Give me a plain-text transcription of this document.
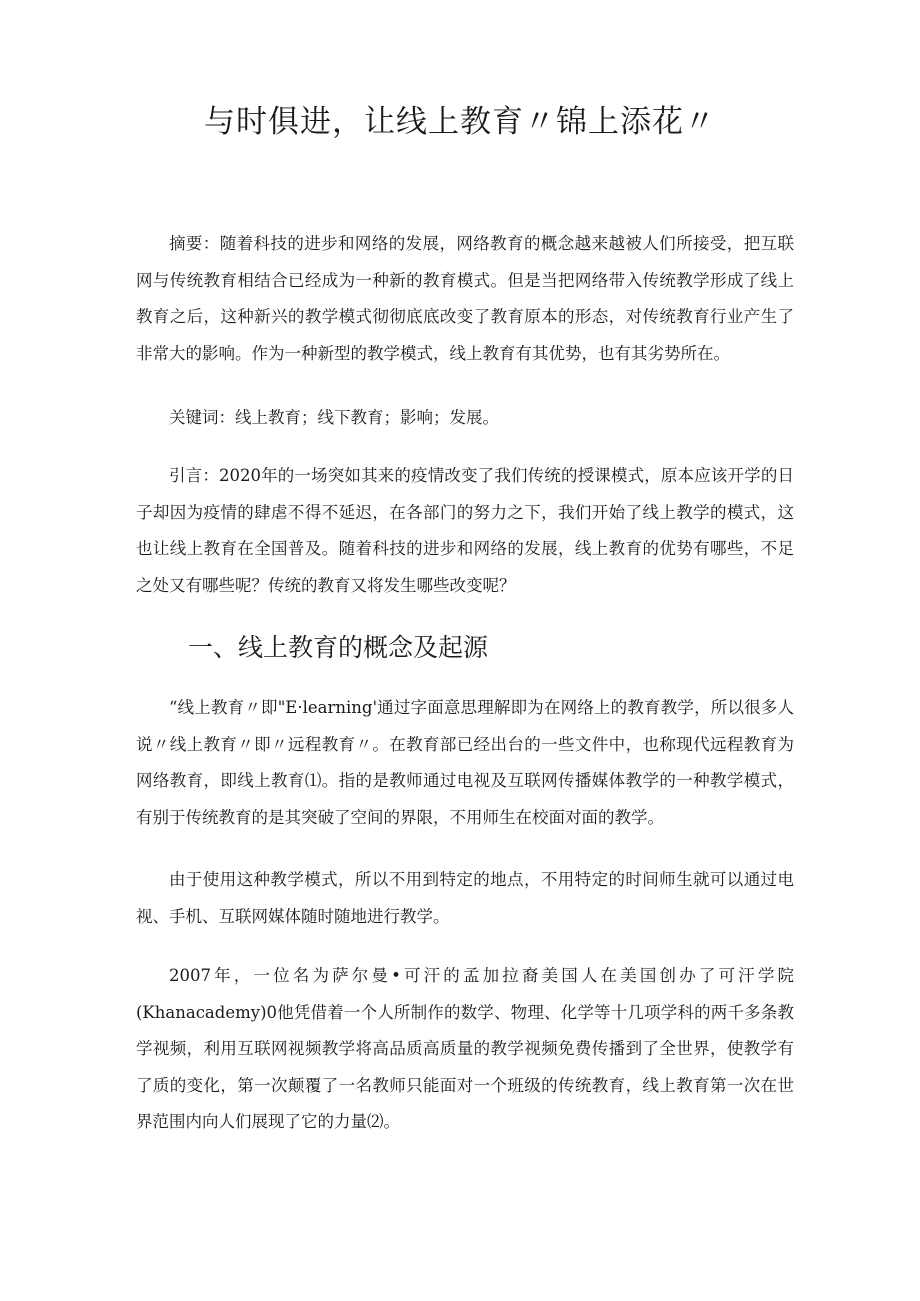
与时俱进，让线上教育〃锦上添花〃

摘要：随着科技的进步和网络的发展，网络教育的概念越来越被人们所接受，把互联网与传统教育相结合已经成为一种新的教育模式。但是当把网络带入传统教学形成了线上教育之后，这种新兴的教学模式彻彻底底改变了教育原本的形态，对传统教育行业产生了非常大的影响。作为一种新型的教学模式，线上教育有其优势，也有其劣势所在。

关键词：线上教育；线下教育；影响；发展。

引言：2020年的一场突如其来的疫情改变了我们传统的授课模式，原本应该开学的日子却因为疫情的肆虐不得不延迟，在各部门的努力之下，我们开始了线上教学的模式，这也让线上教育在全国普及。随着科技的进步和网络的发展，线上教育的优势有哪些，不足之处又有哪些呢？传统的教育又将发生哪些改变呢？

一、线上教育的概念及起源

“线上教育〃即"E·learning'通过字面意思理解即为在网络上的教育教学，所以很多人说〃线上教育〃即〃远程教育〃。在教育部已经出台的一些文件中，也称现代远程教育为网络教育，即线上教育⑴。指的是教师通过电视及互联网传播媒体教学的一种教学模式，有别于传统教育的是其突破了空间的界限，不用师生在校面对面的教学。

由于使用这种教学模式，所以不用到特定的地点，不用特定的时间师生就可以通过电视、手机、互联网媒体随时随地进行教学。

2007年，一位名为萨尔曼•可汗的孟加拉裔美国人在美国创办了可汗学院(Khanacademy)0他凭借着一个人所制作的数学、物理、化学等十几项学科的两千多条教学视频，利用互联网视频教学将高品质高质量的教学视频免费传播到了全世界，使教学有了质的变化，第一次颠覆了一名教师只能面对一个班级的传统教育，线上教育第一次在世界范围内向人们展现了它的力量⑵。
